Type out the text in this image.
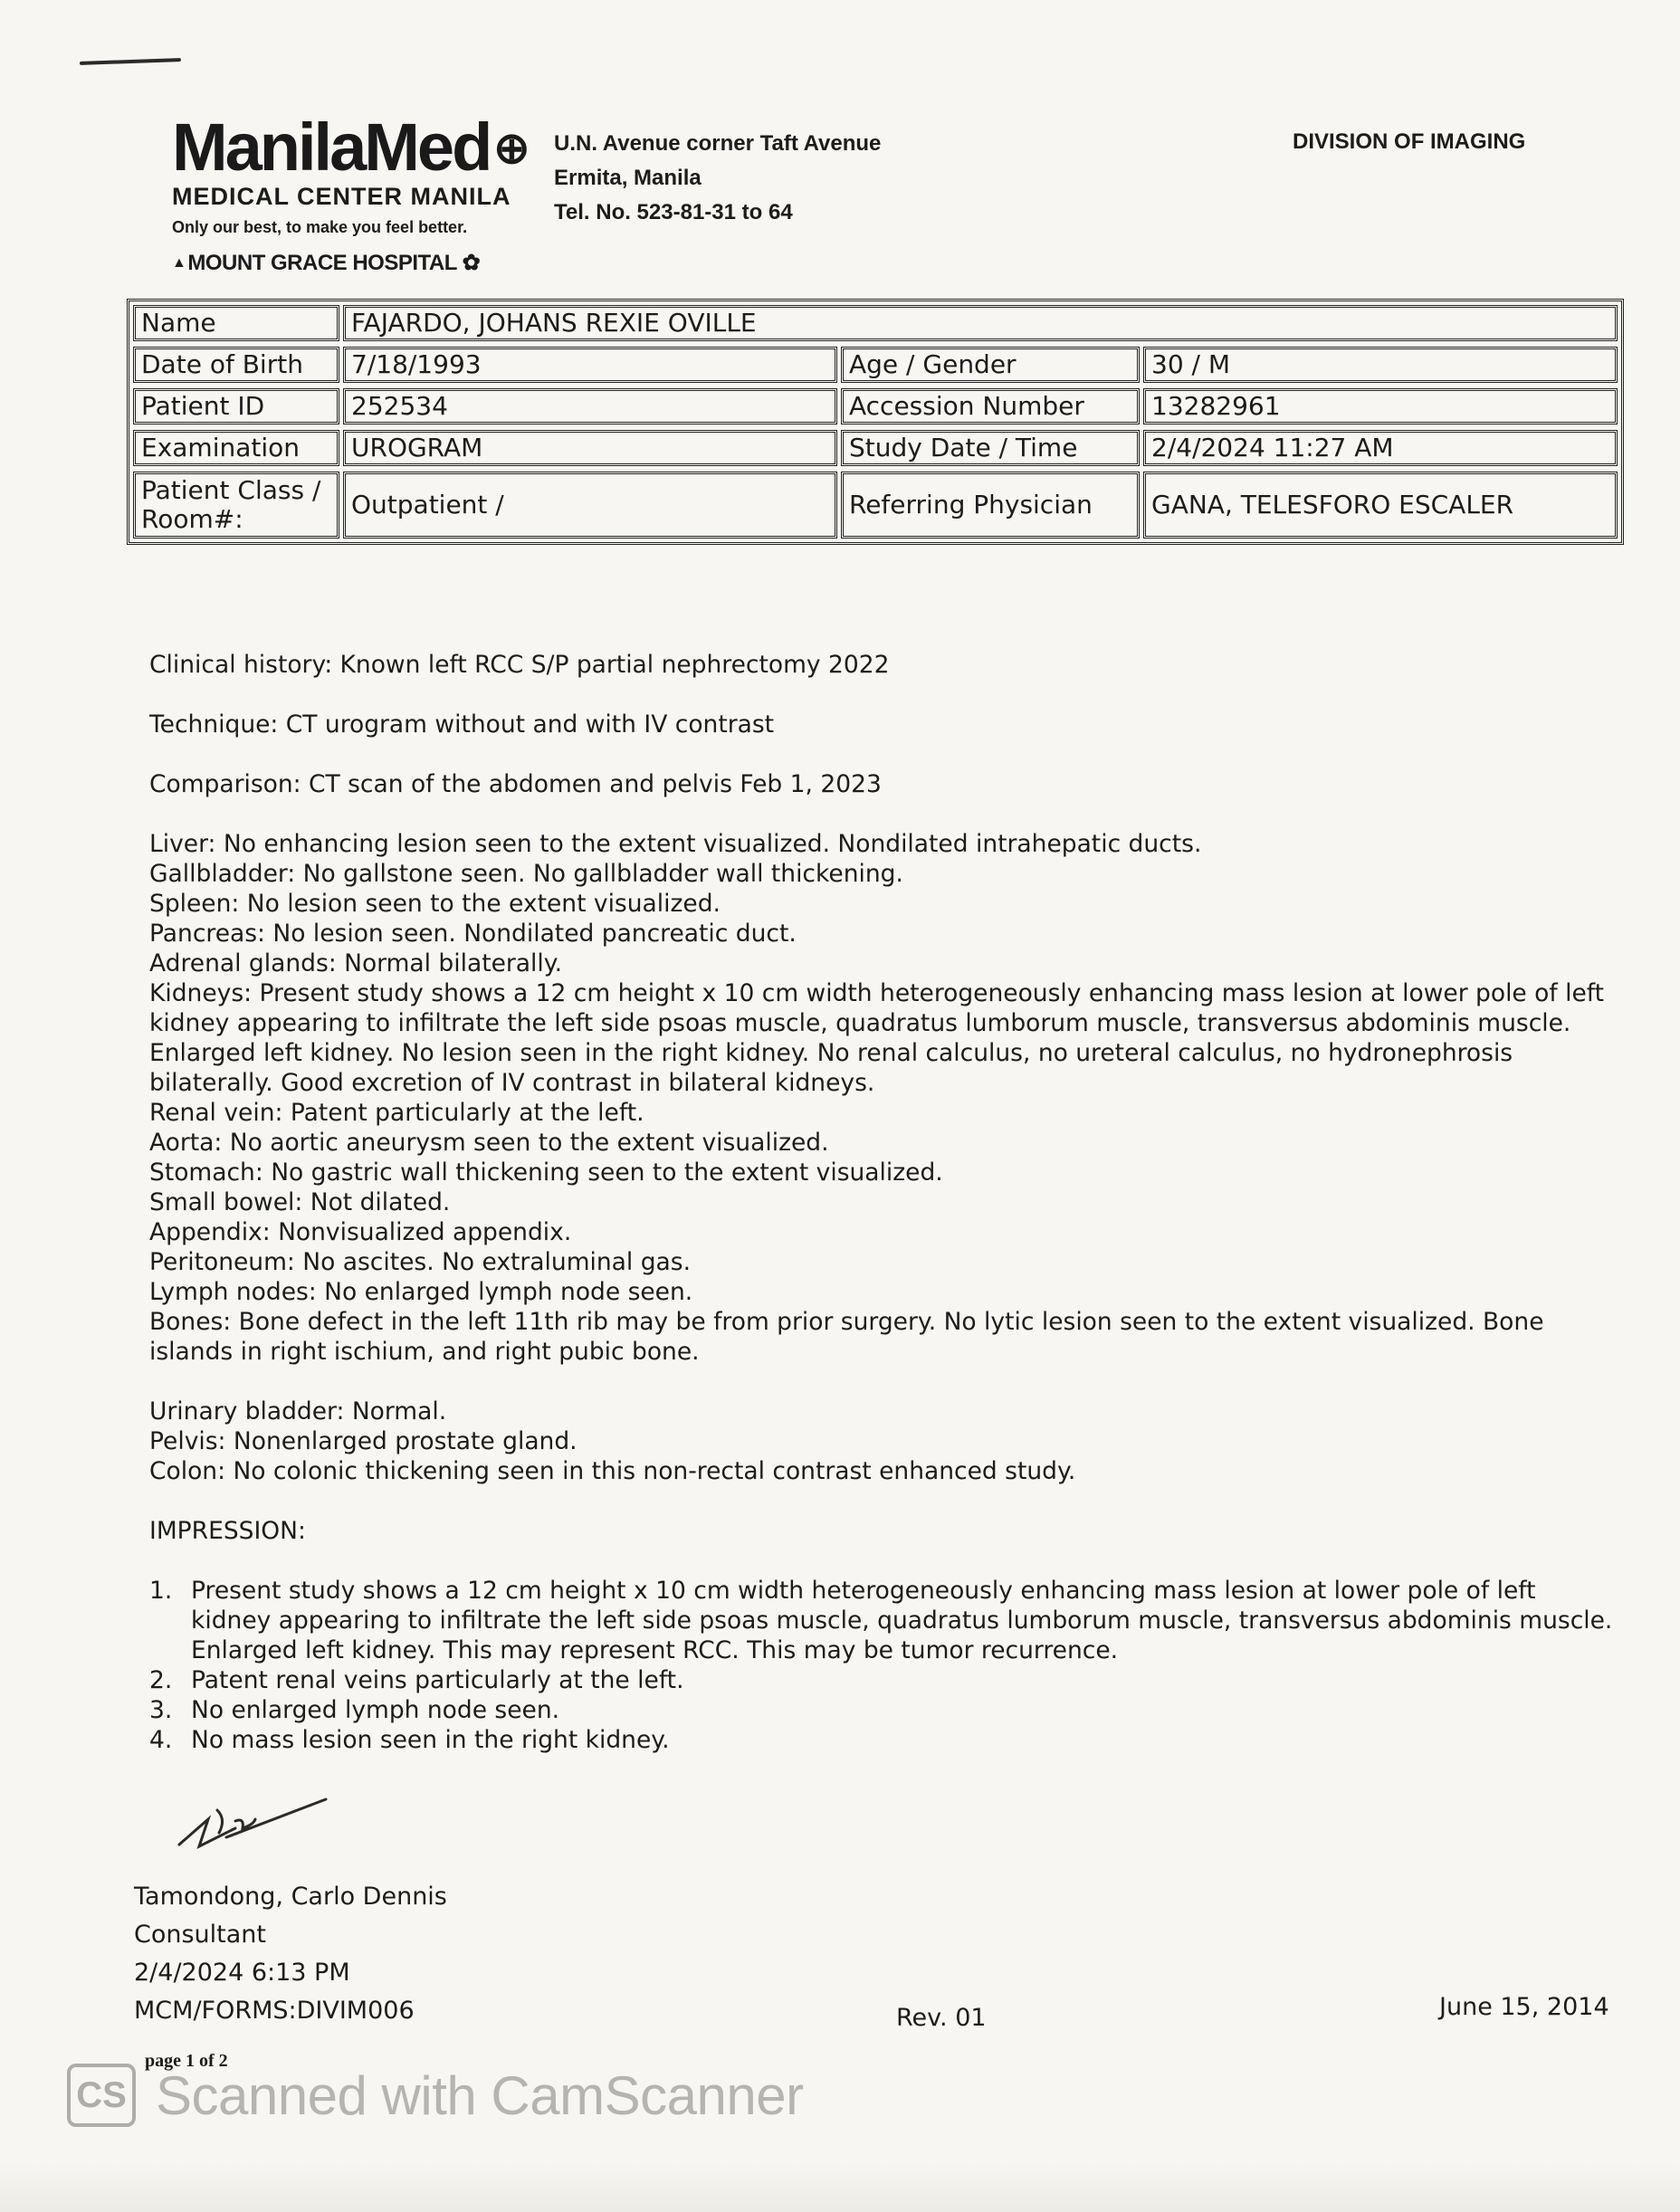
ManilaMed⊕
MEDICAL CENTER MANILA
Only our best, to make you feel better.
▲MOUNT GRACE HOSPITAL ✿
U.N. Avenue corner Taft Avenue
Ermita, Manila
Tel. No. 523-81-31 to 64
DIVISION OF IMAGING
Name	FAJARDO, JOHANS REXIE OVILLE
Date of Birth	7/18/1993	Age / Gender	30 / M
Patient ID	252534	Accession Number	13282961
Examination	UROGRAM	Study Date / Time	2/4/2024 11:27 AM
Patient Class / Room#:	Outpatient /	Referring Physician	GANA, TELESFORO ESCALER

Clinical history: Known left RCC S/P partial nephrectomy 2022

Technique: CT urogram without and with IV contrast

Comparison: CT scan of the abdomen and pelvis Feb 1, 2023

Liver: No enhancing lesion seen to the extent visualized. Nondilated intrahepatic ducts.

Gallbladder: No gallstone seen. No gallbladder wall thickening.

Spleen: No lesion seen to the extent visualized.

Pancreas: No lesion seen. Nondilated pancreatic duct.

Adrenal glands: Normal bilaterally.

Kidneys: Present study shows a 12 cm height x 10 cm width heterogeneously enhancing mass lesion at lower pole of left kidney appearing to infiltrate the left side psoas muscle, quadratus lumborum muscle, transversus abdominis muscle. Enlarged left kidney. No lesion seen in the right kidney. No renal calculus, no ureteral calculus, no hydronephrosis bilaterally. Good excretion of IV contrast in bilateral kidneys.

Renal vein: Patent particularly at the left.

Aorta: No aortic aneurysm seen to the extent visualized.

Stomach: No gastric wall thickening seen to the extent visualized.

Small bowel: Not dilated.

Appendix: Nonvisualized appendix.

Peritoneum: No ascites. No extraluminal gas.

Lymph nodes: No enlarged lymph node seen.

Bones: Bone defect in the left 11th rib may be from prior surgery. No lytic lesion seen to the extent visualized. Bone islands in right ischium, and right pubic bone.

Urinary bladder: Normal.

Pelvis: Nonenlarged prostate gland.

Colon: No colonic thickening seen in this non-rectal contrast enhanced study.

IMPRESSION:

1. Present study shows a 12 cm height x 10 cm width heterogeneously enhancing mass lesion at lower pole of left kidney appearing to infiltrate the left side psoas muscle, quadratus lumborum muscle, transversus abdominis muscle. Enlarged left kidney. This may represent RCC. This may be tumor recurrence.
2. Patent renal veins particularly at the left.
3. No enlarged lymph node seen.
4. No mass lesion seen in the right kidney.
Tamondong, Carlo Dennis
Consultant
2/4/2024 6:13 PM
MCM/FORMS:DIVIM006	Rev. 01	June 15, 2014
page 1 of 2
CS Scanned with CamScanner
